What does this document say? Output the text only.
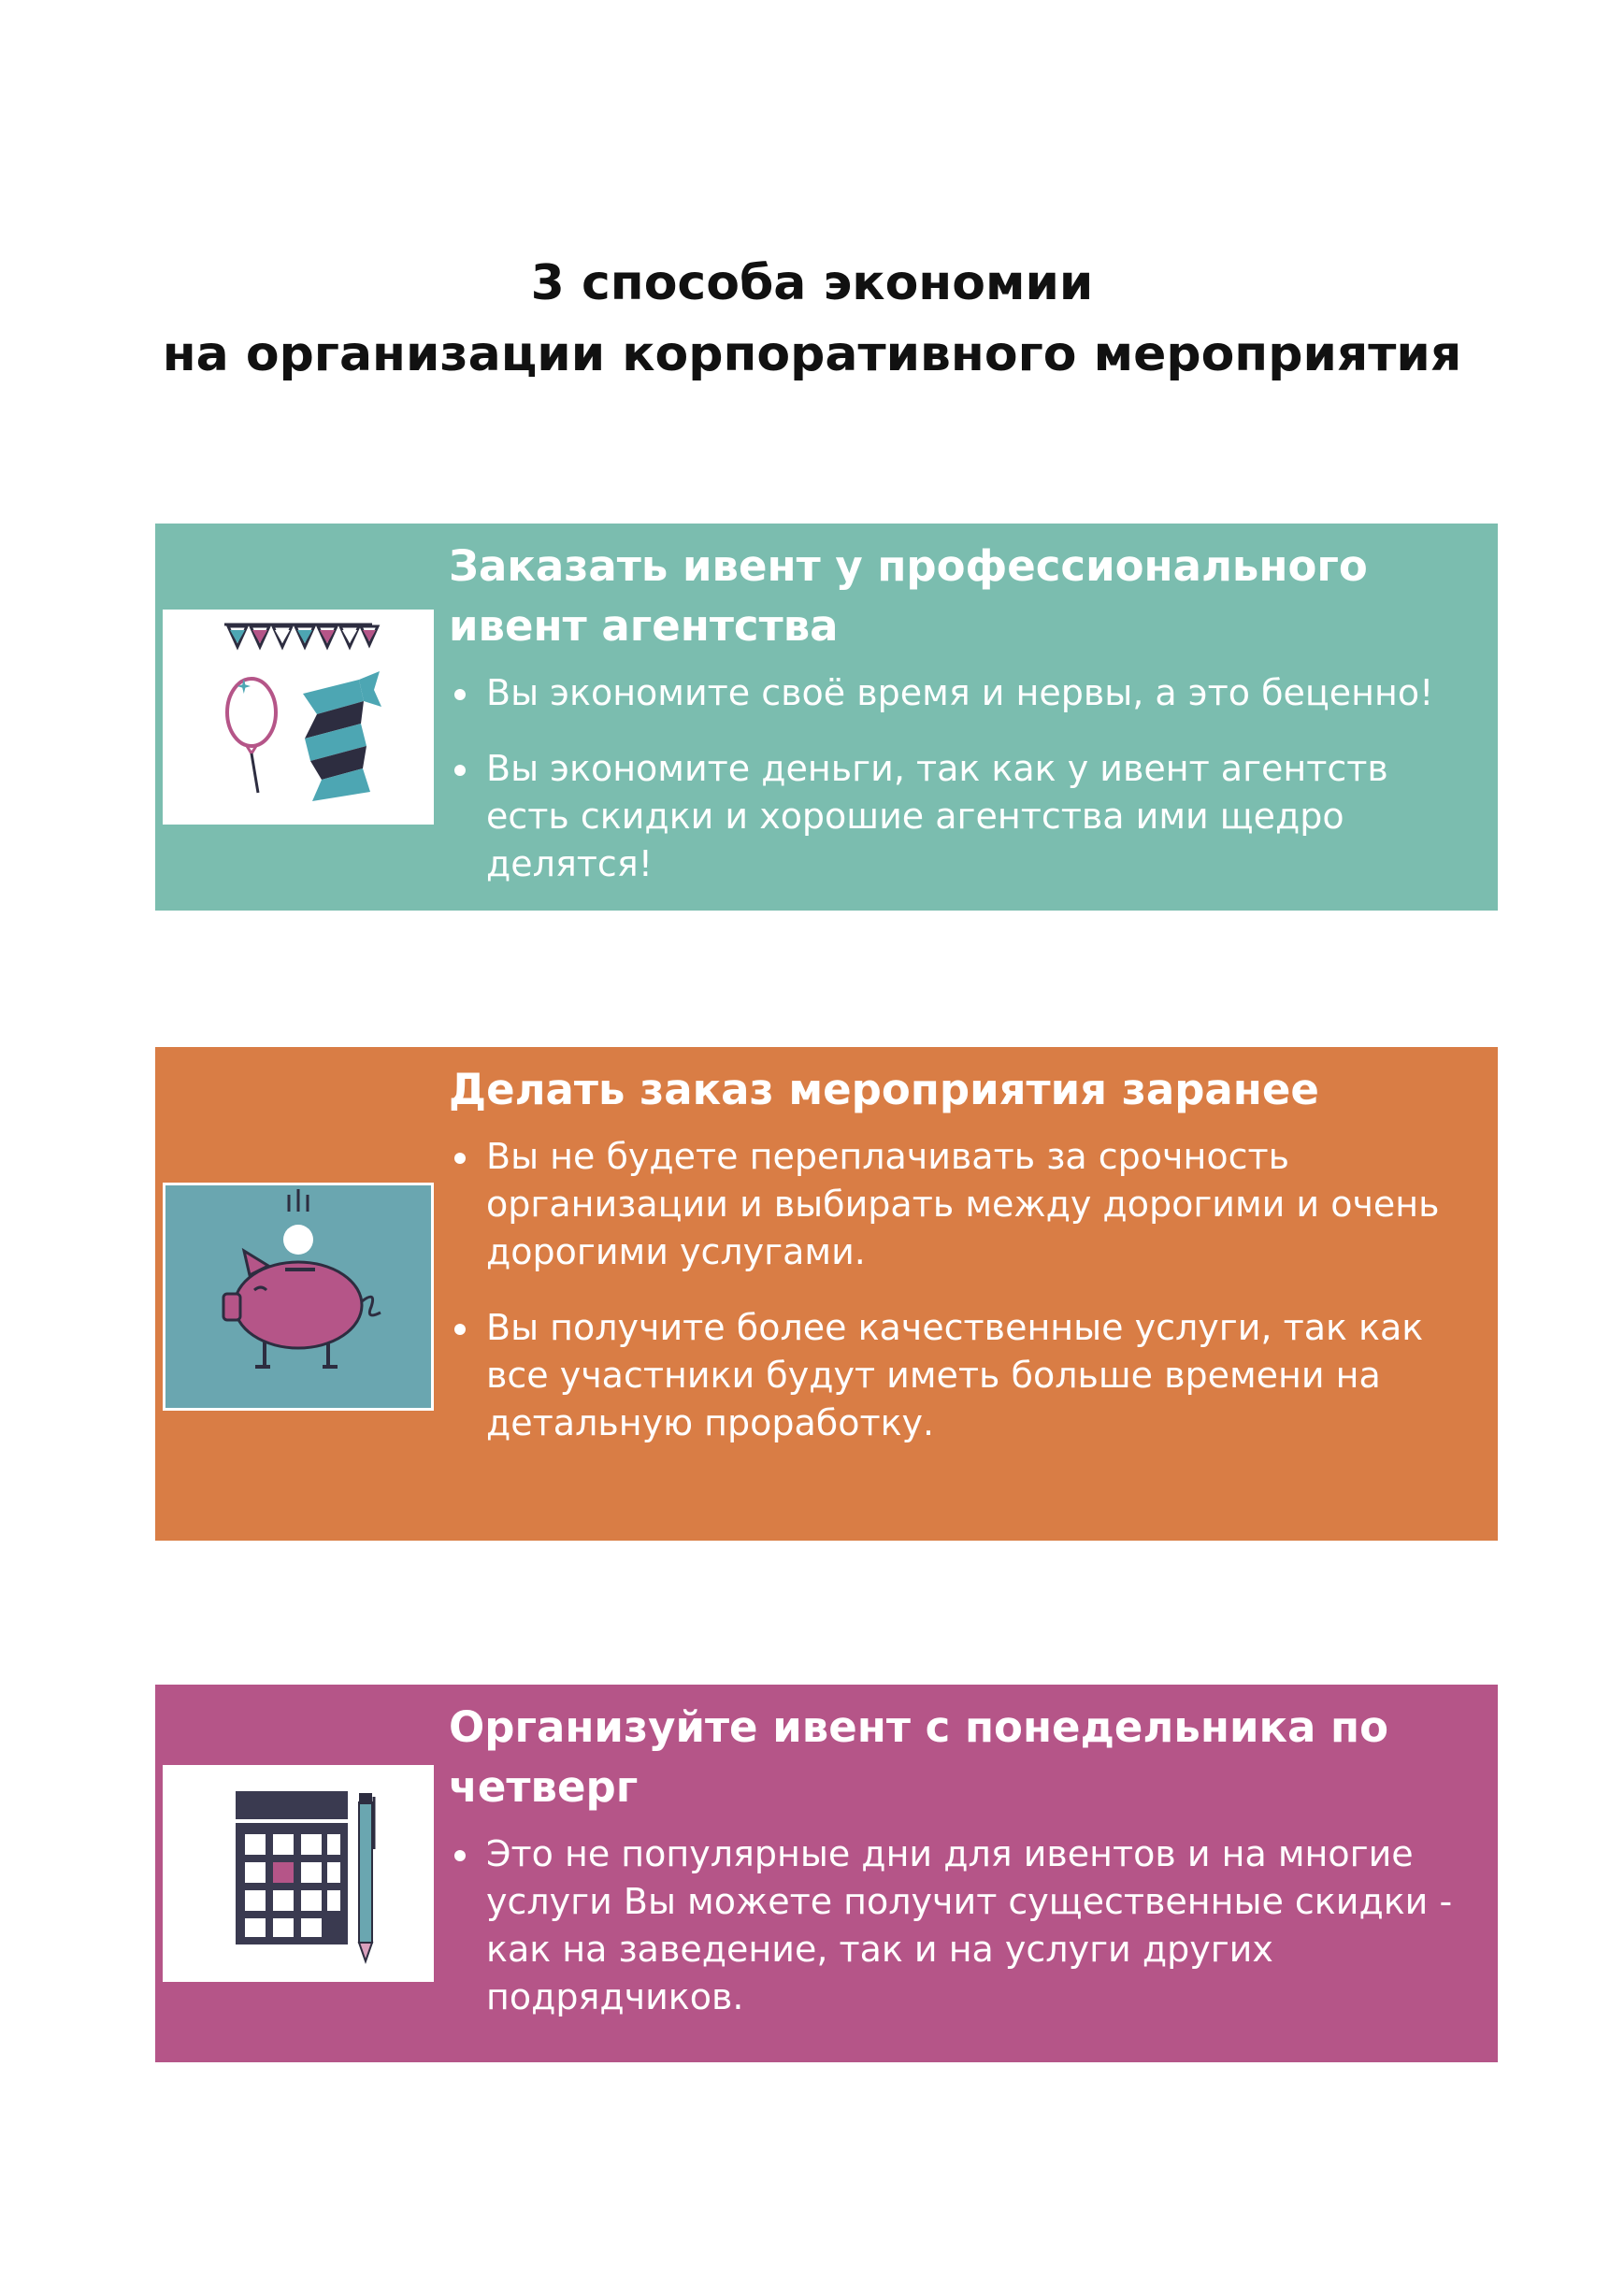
3 способа экономии
на организации корпоративного мероприятия
Заказать ивент у профессионального ивент агентства
Вы экономите своё время и нервы, а это беценно!
Вы экономите деньги, так как у ивент агентств есть скидки и хорошие агентства ими щедро делятся!
Делать заказ мероприятия заранее
Вы не будете переплачивать за срочность организации и выбирать между дорогими и очень дорогими услугами.
Вы получите более качественные услуги, так как все участники будут иметь больше времени на детальную проработку.
Организуйте ивент с понедельника по четверг
Это не популярные дни для ивентов и на многие услуги Вы можете получит существенные скидки - как на заведение, так и на услуги других подрядчиков.
